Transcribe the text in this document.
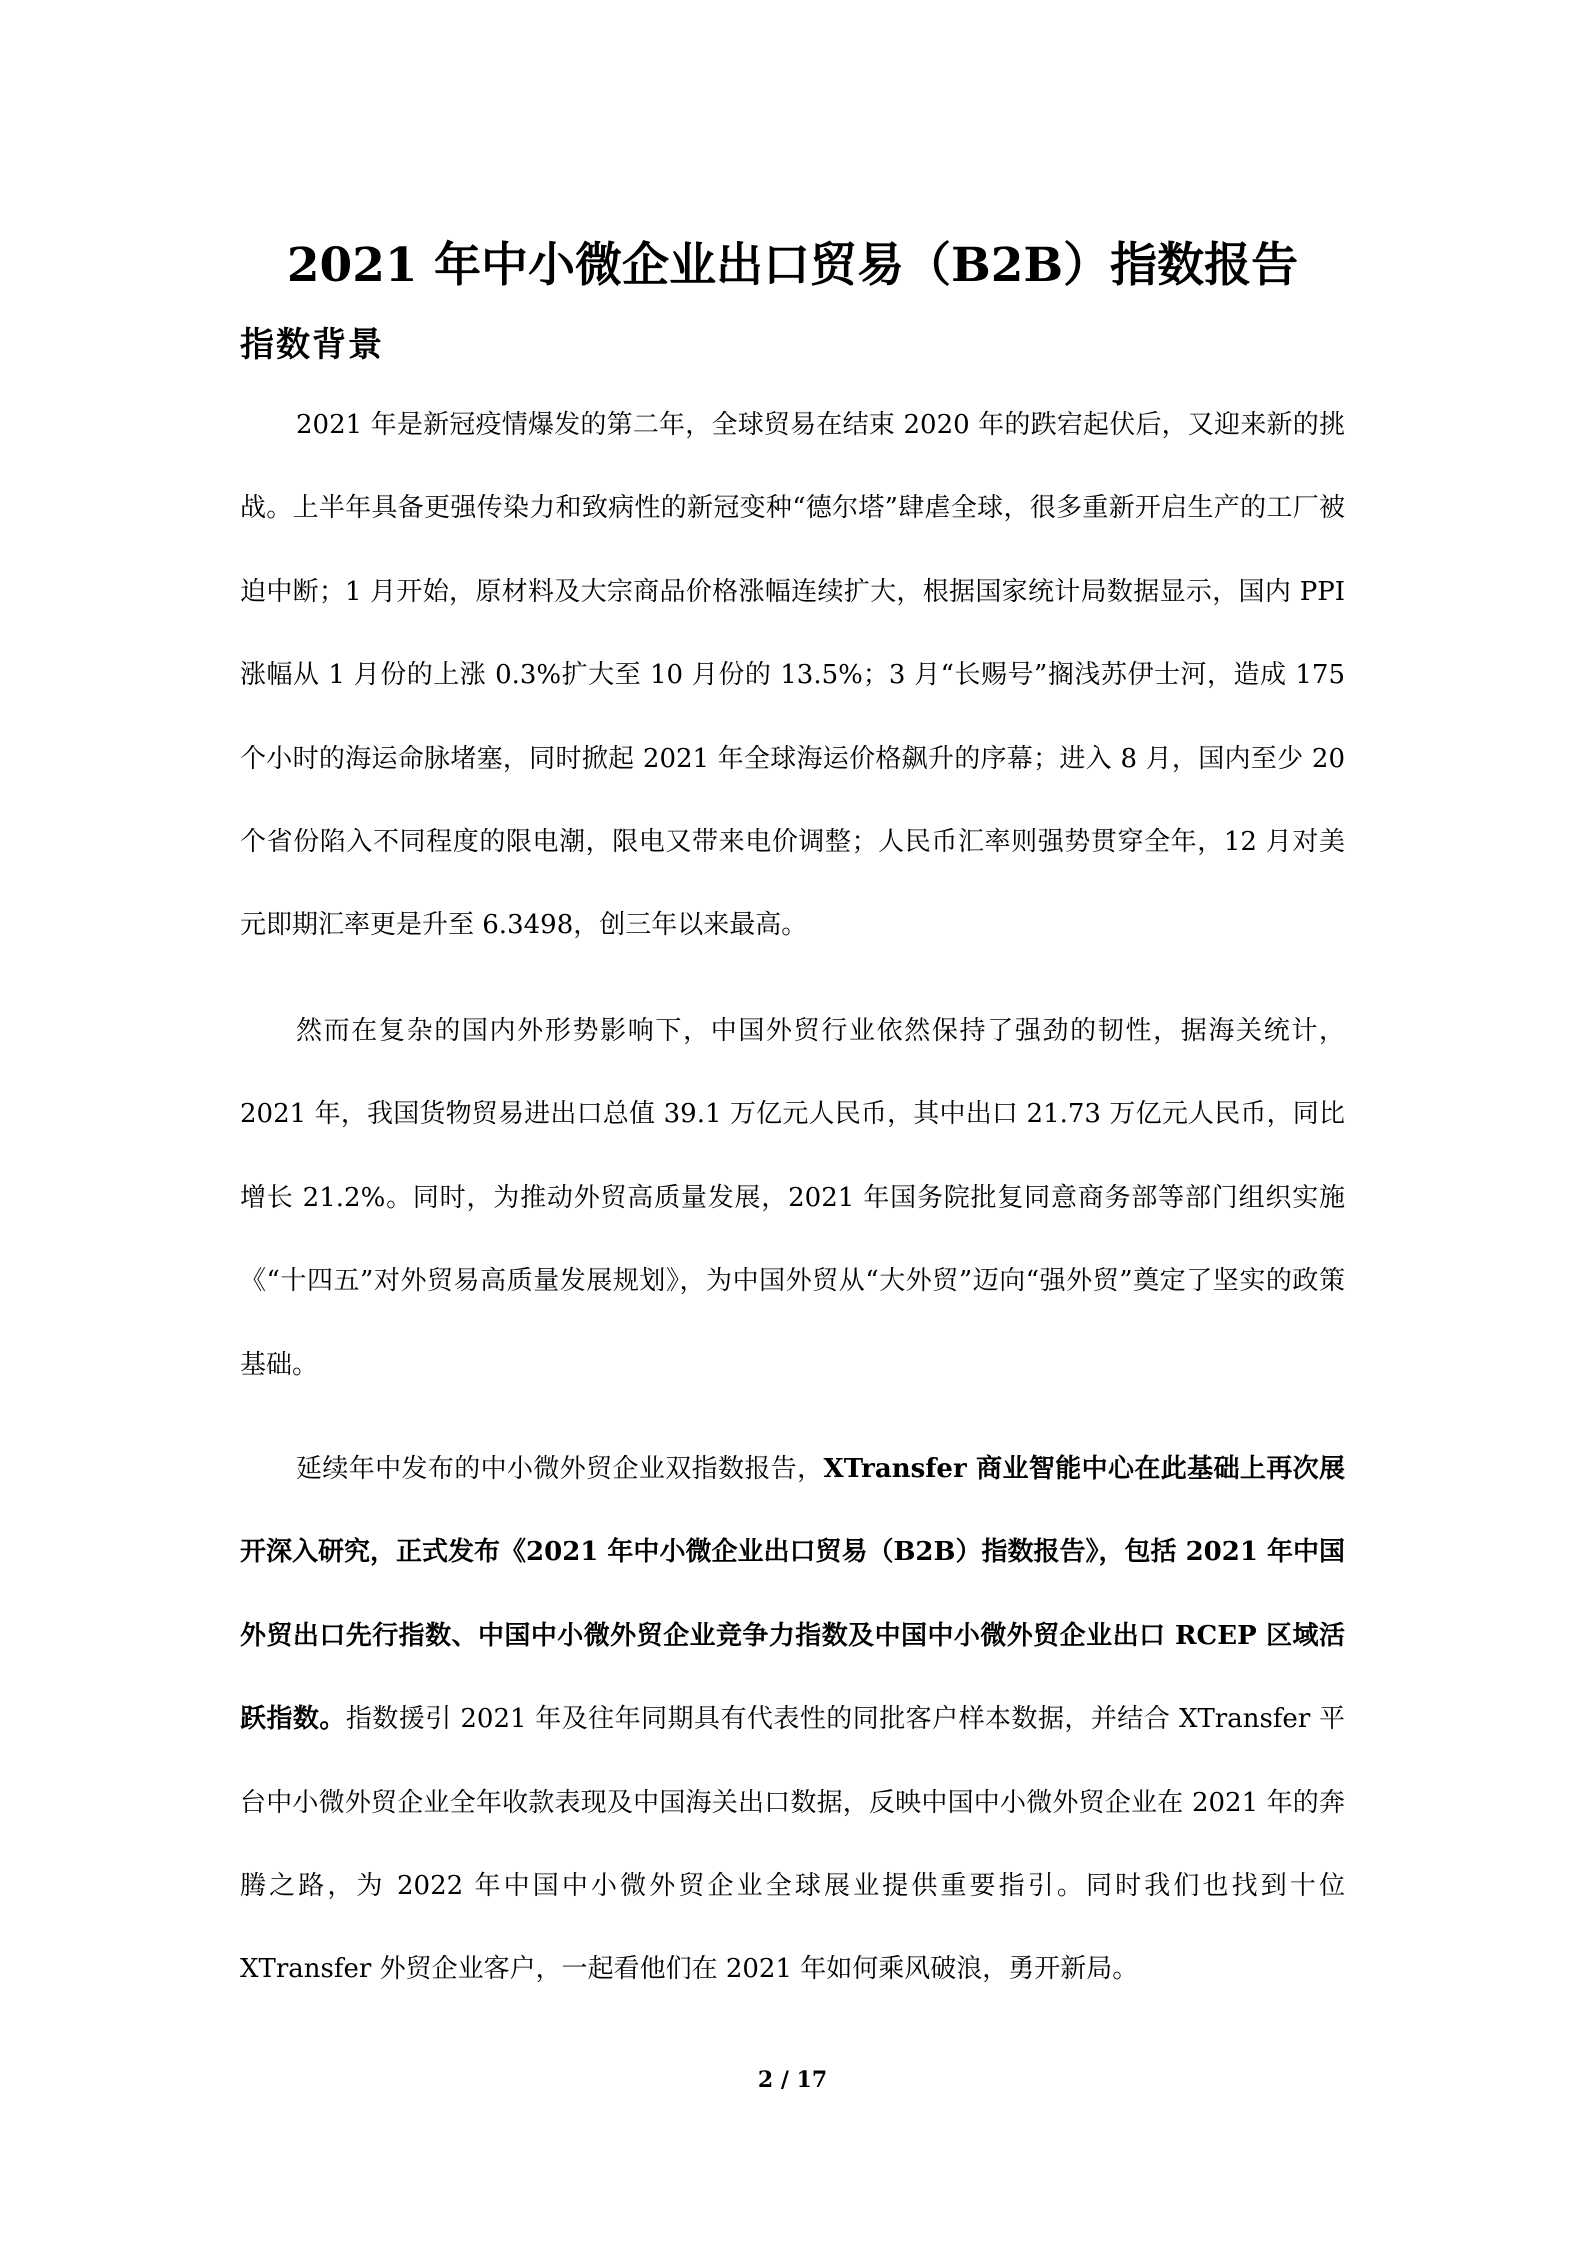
2021 年中小微企业出口贸易（B2B）指数报告
指数背景

2021 年是新冠疫情爆发的第二年，全球贸易在结束 2020 年的跌宕起伏后，又迎来新的挑战。上半年具备更强传染力和致病性的新冠变种“德尔塔”肆虐全球，很多重新开启生产的工厂被迫中断；1 月开始，原材料及大宗商品价格涨幅连续扩大，根据国家统计局数据显示，国内 PPI 涨幅从 1 月份的上涨 0.3%扩大至 10 月份的 13.5%；3 月“长赐号”搁浅苏伊士河，造成 175 个小时的海运命脉堵塞，同时掀起 2021 年全球海运价格飙升的序幕；进入 8 月，国内至少 20 个省份陷入不同程度的限电潮，限电又带来电价调整；人民币汇率则强势贯穿全年，12 月对美元即期汇率更是升至 6.3498，创三年以来最高。

然而在复杂的国内外形势影响下，中国外贸行业依然保持了强劲的韧性，据海关统计，2021 年，我国货物贸易进出口总值 39.1 万亿元人民币，其中出口 21.73 万亿元人民币，同比增长 21.2%。同时，为推动外贸高质量发展，2021 年国务院批复同意商务部等部门组织实施《“十四五”对外贸易高质量发展规划》，为中国外贸从“大外贸”迈向“强外贸”奠定了坚实的政策基础。

延续年中发布的中小微外贸企业双指数报告，XTransfer 商业智能中心在此基础上再次展开深入研究，正式发布《2021 年中小微企业出口贸易（B2B）指数报告》，包括 2021 年中国外贸出口先行指数、中国中小微外贸企业竞争力指数及中国中小微外贸企业出口 RCEP 区域活跃指数。指数援引 2021 年及往年同期具有代表性的同批客户样本数据，并结合 XTransfer 平台中小微外贸企业全年收款表现及中国海关出口数据，反映中国中小微外贸企业在 2021 年的奔腾之路，为 2022 年中国中小微外贸企业全球展业提供重要指引。同时我们也找到十位 XTransfer 外贸企业客户，一起看他们在 2021 年如何乘风破浪，勇开新局。

2 / 17
